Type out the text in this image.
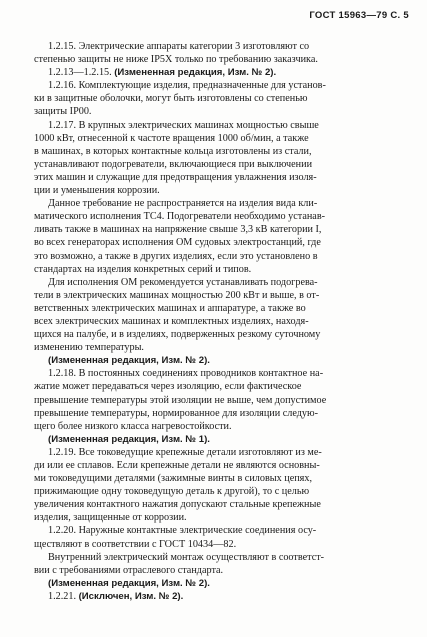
ГОСТ 15963—79 С. 5
1.2.15. Электрические аппараты категории 3 изготовляют со
степенью защиты не ниже IP5X только по требованию заказчика.
1.2.13—1.2.15. (Измененная редакция, Изм. № 2).
1.2.16. Комплектующие изделия, предназначенные для установ-
ки в защитные оболочки, могут быть изготовлены со степенью
защиты IP00.
1.2.17. В крупных электрических машинах мощностью свыше
1000 кВт, отнесенной к частоте вращения 1000 об/мин, а также
в машинах, в которых контактные кольца изготовлены из стали,
устанавливают подогреватели, включающиеся при выключении
этих машин и служащие для предотвращения увлажнения изоля-
ции и уменьшения коррозии.
Данное требование не распространяется на изделия вида кли-
матического исполнения ТС4. Подогреватели необходимо устанав-
ливать также в машинах на напряжение свыше 3,3 кВ категории I,
во всех генераторах исполнения ОМ судовых электростанций, где
это возможно, а также в других изделиях, если это установлено в
стандартах на изделия конкретных серий и типов.
Для исполнения ОМ рекомендуется устанавливать подогрева-
тели в электрических машинах мощностью 200 кВт и выше, в от-
ветственных электрических машинах и аппаратуре, а также во
всех электрических машинах и комплектных изделиях, находя-
щихся на палубе, и в изделиях, подверженных резкому суточному
изменению температуры.
(Измененная редакция, Изм. № 2).
1.2.18. В постоянных соединениях проводников контактное на-
жатие может передаваться через изоляцию, если фактическое
превышение температуры этой изоляции не выше, чем допустимое
превышение температуры, нормированное для изоляции следую-
щего более низкого класса нагревостойкости.
(Измененная редакция, Изм. № 1).
1.2.19. Все токоведущие крепежные детали изготовляют из ме-
ди или ее сплавов. Если крепежные детали не являются основны-
ми токоведущими деталями (зажимные винты в силовых цепях,
прижимающие одну токоведущую деталь к другой), то с целью
увеличения контактного нажатия допускают стальные крепежные
изделия, защищенные от коррозии.
1.2.20. Наружные контактные электрические соединения осу-
ществляют в соответствии с ГОСТ 10434—82.
Внутренний электрический монтаж осуществляют в соответст-
вии с требованиями отраслевого стандарта.
(Измененная редакция, Изм. № 2).
1.2.21. (Исключен, Изм. № 2).
